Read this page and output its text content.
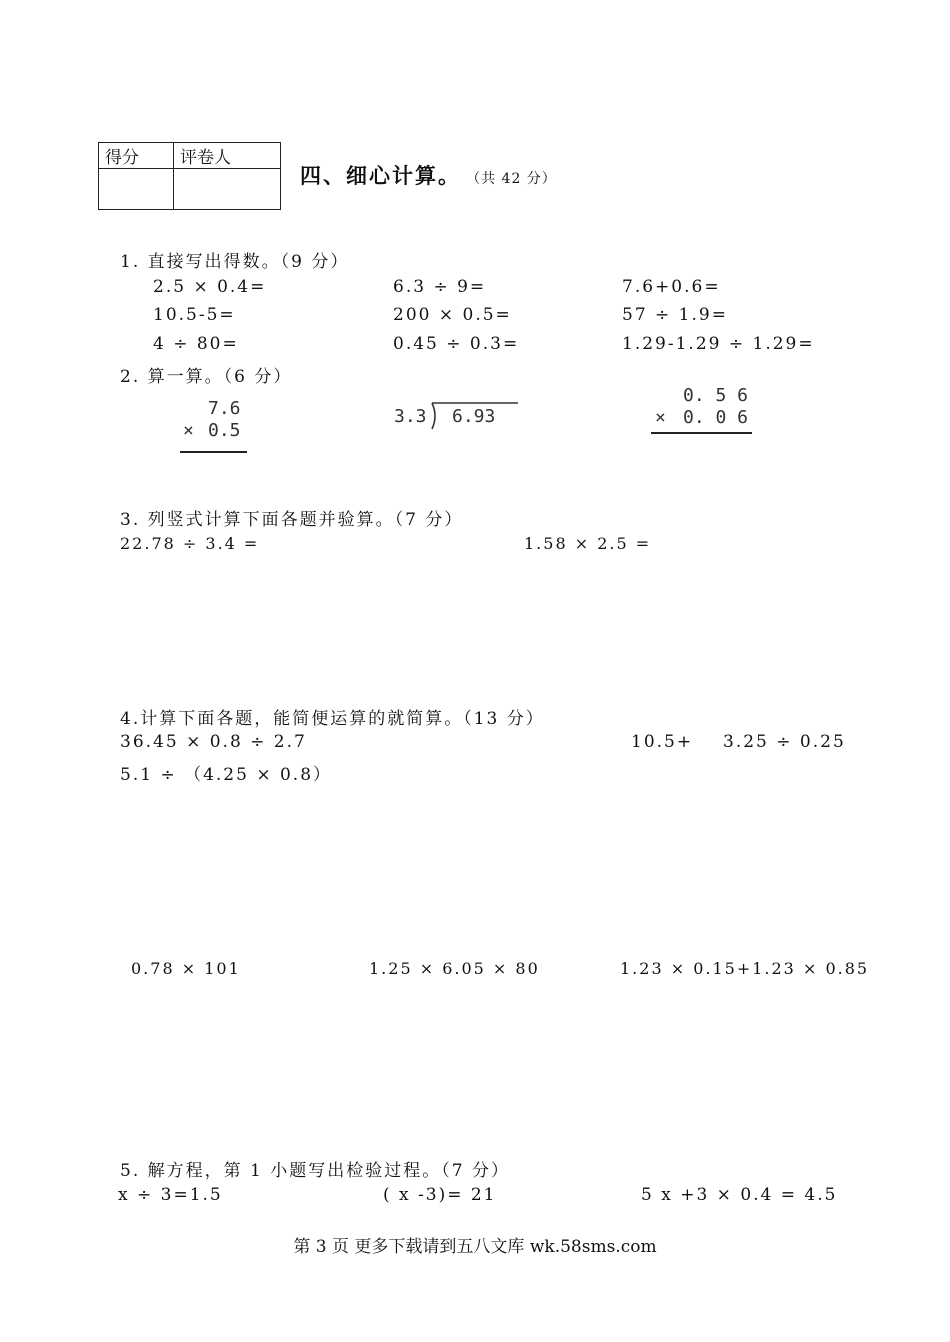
得分	评卷人

四、细心计算。 （共 42 分）
1. 直接写出得数。（9 分）
2.5 × 0.4=	6.3 ÷ 9=	7.6+0.6=
10.5-5=	200 × 0.5=	57 ÷ 1.9=
4 ÷ 80=	0.45 ÷ 0.3=	1.29-1.29 ÷ 1.29=
2. 算一算。（6 分）
7.6
× 0.5
3.3 6.93
0. 5 6
× 0. 0 6
3. 列竖式计算下面各题并验算。（7 分）
22.78 ÷ 3.4 =	1.58 × 2.5 =
4.计算下面各题，能简便运算的就简算。（13 分）
36.45 × 0.8 ÷ 2.7	10.5+ 3.25 ÷ 0.25
5.1 ÷ （4.25 × 0.8）
0.78 × 101	1.25 × 6.05 × 80	1.23 × 0.15+1.23 × 0.85
5. 解方程，第 1 小题写出检验过程。（7 分）
x ÷ 3=1.5	( x -3)= 21	5 x +3 × 0.4 = 4.5
第 3 页 更多下载请到五八文库 wk.58sms.com
